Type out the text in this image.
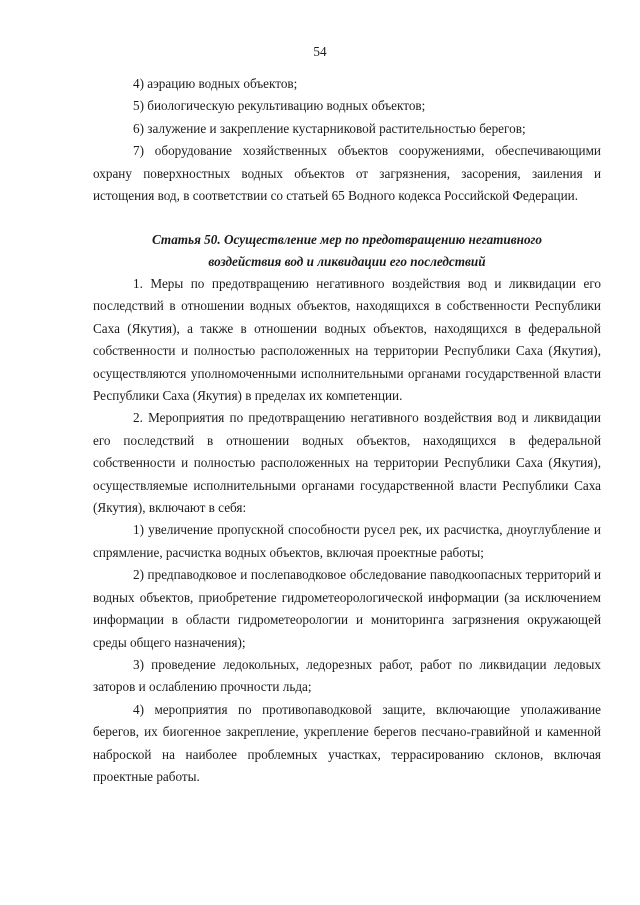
54

4) аэрацию водных объектов;

5) биологическую рекультивацию водных объектов;

6) залужение и закрепление кустарниковой растительностью берегов;

7) оборудование хозяйственных объектов сооружениями, обеспечивающими охрану поверхностных водных объектов от загрязнения, засорения, заиления и истощения вод, в соответствии со статьей 65 Водного кодекса Российской Федерации.

Статья 50. Осуществление мер по предотвращению негативного
воздействия вод и ликвидации его последствий

1. Меры по предотвращению негативного воздействия вод и ликвидации его последствий в отношении водных объектов, находящихся в собственности Республики Саха (Якутия), а также в отношении водных объектов, находящихся в федеральной собственности и полностью расположенных на территории Республики Саха (Якутия), осуществляются уполномоченными исполнительными органами государственной власти Республики Саха (Якутия) в пределах их компетенции.

2. Мероприятия по предотвращению негативного воздействия вод и ликвидации его последствий в отношении водных объектов, находящихся в федеральной собственности и полностью расположенных на территории Республики Саха (Якутия), осуществляемые исполнительными органами государственной власти Республики Саха (Якутия), включают в себя:

1) увеличение пропускной способности русел рек, их расчистка, дноуглубление и спрямление, расчистка водных объектов, включая проектные работы;

2) предпаводковое и послепаводковое обследование паводкоопасных территорий и водных объектов, приобретение гидрометеорологической информации (за исключением информации в области гидрометеорологии и мониторинга загрязнения окружающей среды общего назначения);

3) проведение ледокольных, ледорезных работ, работ по ликвидации ледовых заторов и ослаблению прочности льда;

4) мероприятия по противопаводковой защите, включающие уполаживание берегов, их биогенное закрепление, укрепление берегов песчано-гравийной и каменной наброской на наиболее проблемных участках, террасированию склонов, включая проектные работы.
